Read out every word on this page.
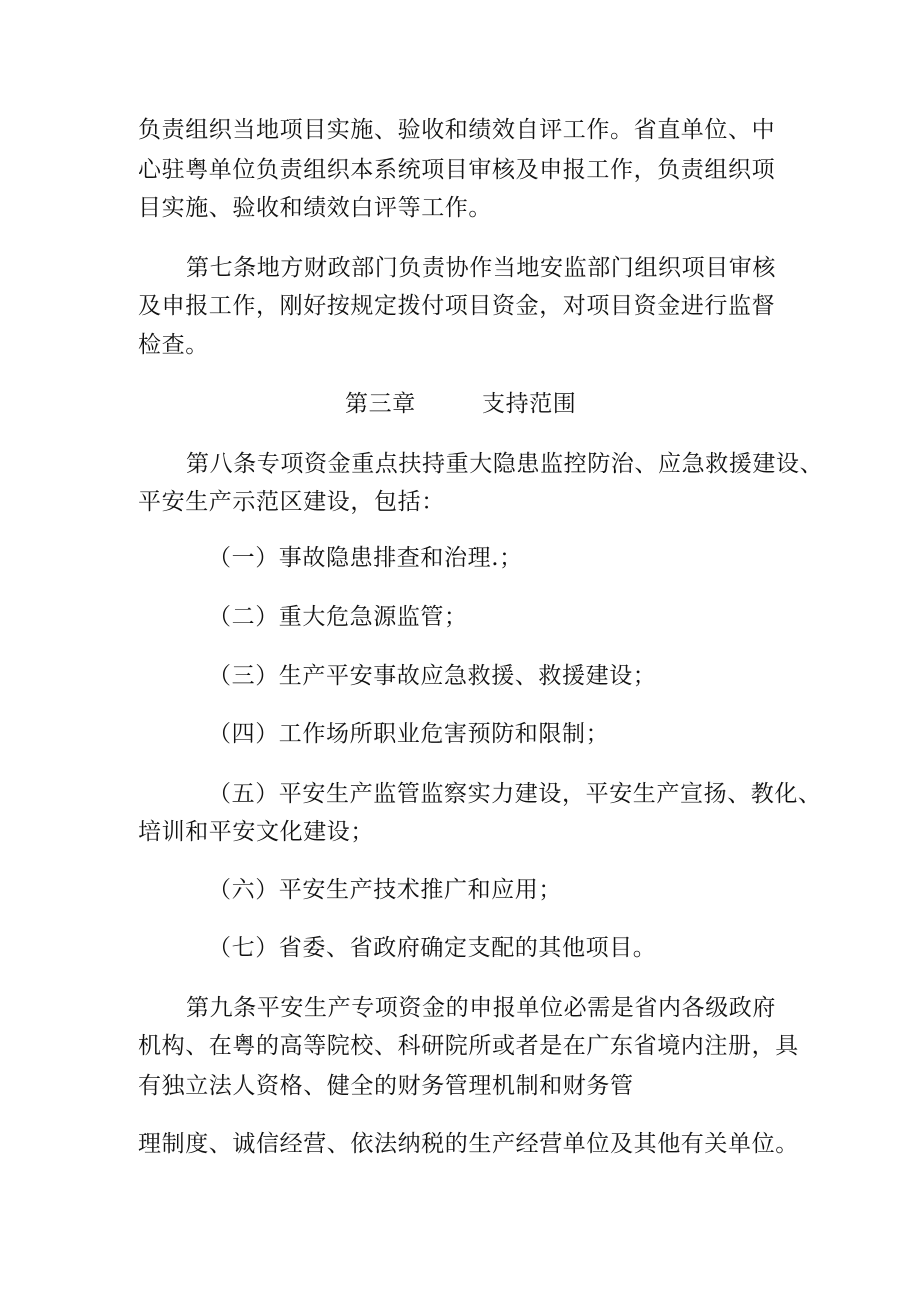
负责组织当地项目实施、验收和绩效自评工作。省直单位、中
心驻粤单位负责组织本系统项目审核及申报工作，负责组织项
目实施、验收和绩效白评等工作。
第七条地方财政部门负责协作当地安监部门组织项目审核
及申报工作，刚好按规定拨付项目资金，对项目资金进行监督
检查。
第三章	支持范围
第八条专项资金重点扶持重大隐患监控防治、应急救援建设、
平安生产示范区建设，包括：
（一）事故隐患排查和治理.；
（二）重大危急源监管；
（三）生产平安事故应急救援、救援建设；
（四）工作场所职业危害预防和限制；
（五）平安生产监管监察实力建设，平安生产宣扬、教化、
培训和平安文化建设；
（六）平安生产技术推广和应用；
（七）省委、省政府确定支配的其他项目。
第九条平安生产专项资金的申报单位必需是省内各级政府
机构、在粤的高等院校、科研院所或者是在广东省境内注册，具
有独立法人资格、健全的财务管理机制和财务管
理制度、诚信经营、依法纳税的生产经营单位及其他有关单位。
